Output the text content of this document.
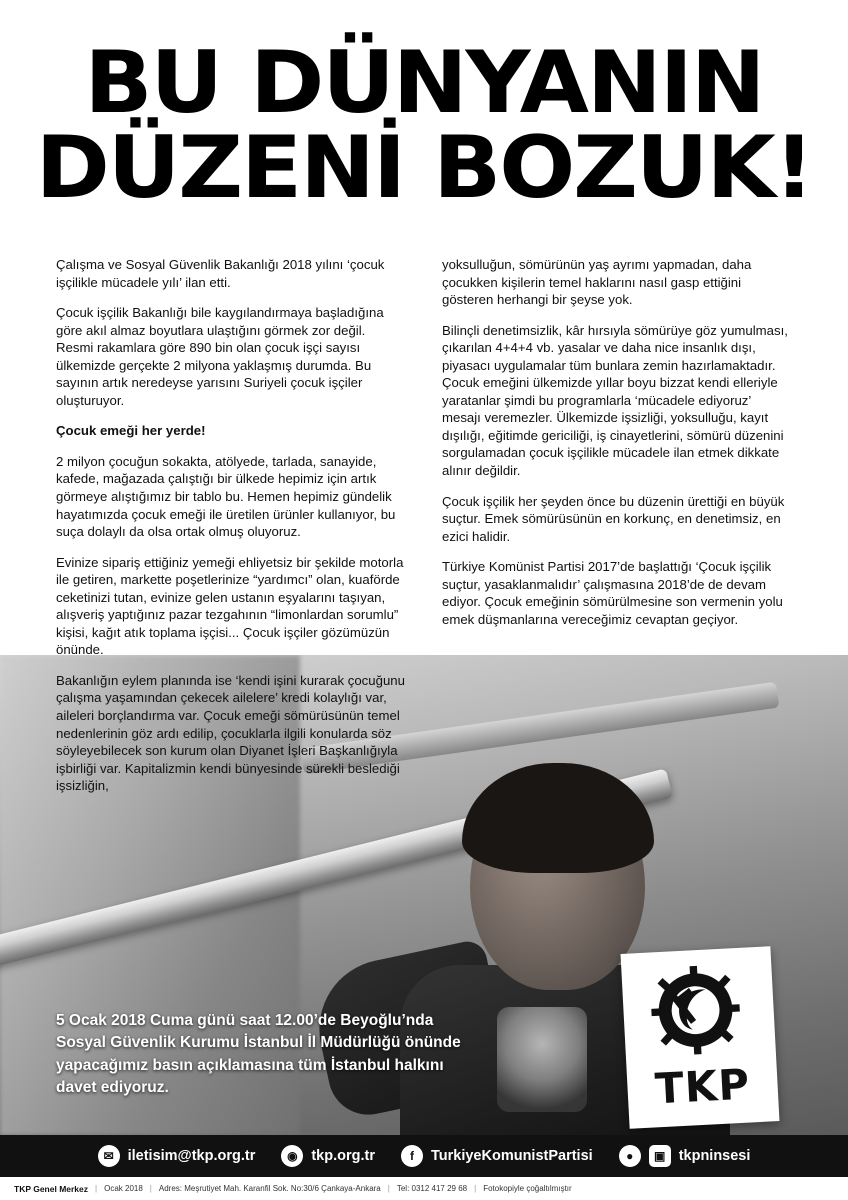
BU DÜNYANIN
DÜZENİ BOZUK!
TKP

Çalışma ve Sosyal Güvenlik Bakanlığı 2018 yılını ‘çocuk işçilikle mücadele yılı’ ilan etti.

Çocuk işçilik Bakanlığı bile kaygılandırmaya başladığına göre akıl almaz boyutlara ulaştığını görmek zor değil. Resmi rakamlara göre 890 bin olan çocuk işçi sayısı ülkemizde gerçekte 2 milyona yaklaşmış durumda. Bu sayının artık neredeyse yarısını Suriyeli çocuk işçiler oluşturuyor.

Çocuk emeği her yerde!

2 milyon çocuğun sokakta, atölyede, tarlada, sanayide, kafede, mağazada çalıştığı bir ülkede hepimiz için artık görmeye alıştığımız bir tablo bu. Hemen hepimiz gündelik hayatımızda çocuk emeği ile üretilen ürünler kullanıyor, bu suça dolaylı da olsa ortak olmuş oluyoruz.

Evinize sipariş ettiğiniz yemeği ehliyetsiz bir şekilde motorla ile getiren, markette poşetlerinize “yardımcı” olan, kuaförde ceketinizi tutan, evinize gelen ustanın eşyalarını taşıyan, alışveriş yaptığınız pazar tezgahının “limonlardan sorumlu” kişisi, kağıt atık toplama işçisi... Çocuk işçiler gözümüzün önünde.

Bakanlığın eylem planında ise ‘kendi işini kurarak çocuğunu çalışma yaşamından çekecek ailelere’ kredi kolaylığı var, aileleri borçlandırma var. Çocuk emeği sömürüsünün temel nedenlerinin göz ardı edilip, çocuklarla ilgili konularda söz söyleyebilecek son kurum olan Diyanet İşleri Başkanlığıyla işbirliği var. Kapitalizmin kendi bünyesinde sürekli beslediği işsizliğin,

yoksulluğun, sömürünün yaş ayrımı yapmadan, daha çocukken kişilerin temel haklarını nasıl gasp ettiğini gösteren herhangi bir şeyse yok.

Bilinçli denetimsizlik, kâr hırsıyla sömürüye göz yumulması, çıkarılan 4+4+4 vb. yasalar ve daha nice insanlık dışı, piyasacı uygulamalar tüm bunlara zemin hazırlamaktadır. Çocuk emeğini ülkemizde yıllar boyu bizzat kendi elleriyle yaratanlar şimdi bu programlarla ‘mücadele ediyoruz’ mesajı veremezler. Ülkemizde işsizliği, yoksulluğu, kayıt dışılığı, eğitimde gericiliği, iş cinayetlerini, sömürü düzenini sorgulamadan çocuk işçilikle mücadele ilan etmek dikkate alınır değildir.

Çocuk işçilik her şeyden önce bu düzenin ürettiği en büyük suçtur. Emek sömürüsünün en korkunç, en denetimsiz, en ezici halidir.

Türkiye Komünist Partisi 2017’de başlattığı ‘Çocuk işçilik suçtur, yasaklanmalıdır’ çalışmasına 2018’de de devam ediyor. Çocuk emeğinin sömürülmesine son vermenin yolu emek düşmanlarına vereceğimiz cevaptan geçiyor.

5 Ocak 2018 Cuma günü saat 12.00’de Beyoğlu’nda Sosyal Güvenlik Kurumu İstanbul İl Müdürlüğü önünde yapacağımız basın açıklamasına tüm İstanbul halkını davet ediyoruz.
✉ iletisim@tkp.org.tr	◉ tkp.org.tr	f	TurkiyeKomunistPartisi	●	▣ tkpninsesi
TKP Genel Merkez | Ocak 2018 | Adres: Meşrutiyet Mah. Karanfil Sok. No:30/6 Çankaya-Ankara | Tel: 0312 417 29 68 | Fotokopiyle çoğaltılmıştır
